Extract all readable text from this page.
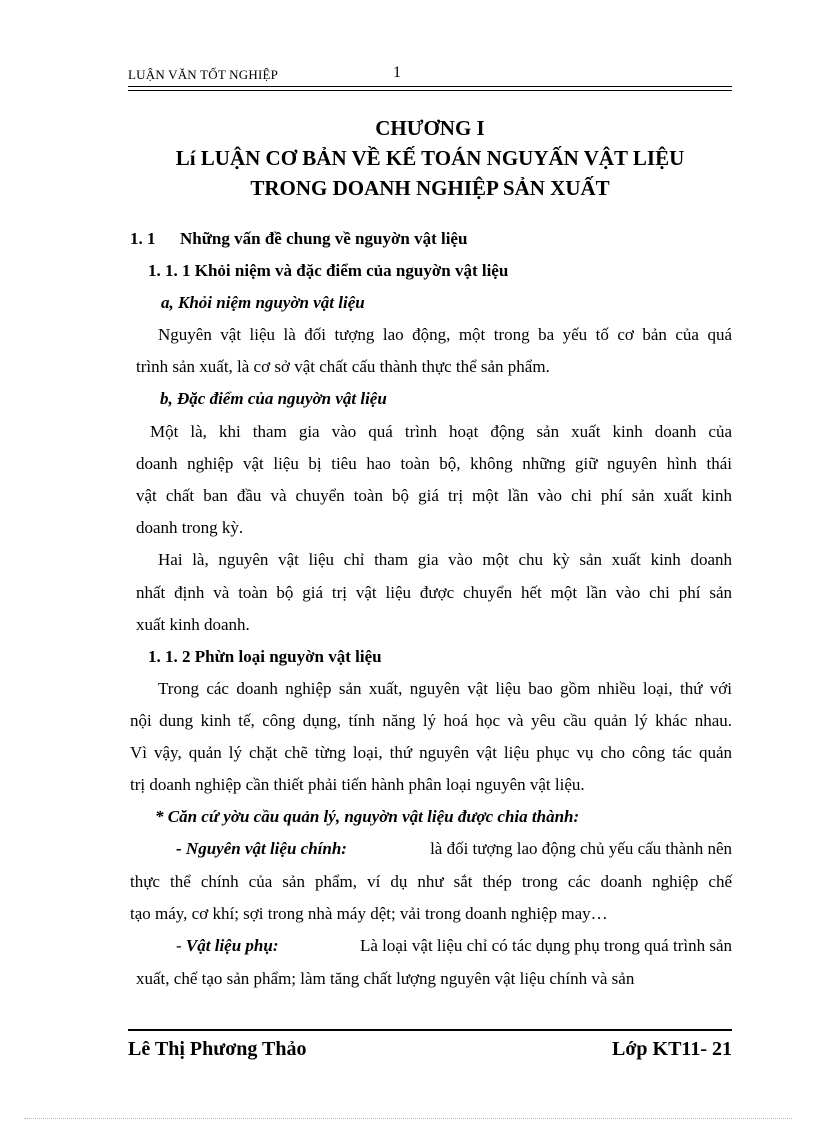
LUẬN VĂN TỐT NGHIỆP	1
CHƯƠNG I
Lí LUẬN CƠ BẢN VỀ KẾ TOÁN NGUYẤN VẬT LIỆU
TRONG DOANH NGHIỆP SẢN XUẤT
1. 1 Những vấn đề chung về nguyờn vật liệu
1. 1. 1 Khỏi niệm và đặc điểm của nguyờn vật liệu
a, Khỏi niệm nguyờn vật liệu
Nguyên vật liệu là đối tượng lao động, một trong ba yếu tố cơ bản của quá
trình sản xuất, là cơ sở vật chất cấu thành thực thể sản phẩm.
b, Đặc điểm của nguyờn vật liệu
Một là, khi tham gia vào quá trình hoạt động sản xuất kinh doanh của
doanh nghiệp vật liệu bị tiêu hao toàn bộ, không những giữ nguyên hình thái
vật chất ban đầu và chuyển toàn bộ giá trị một lần vào chi phí sản xuất kinh
doanh trong kỳ.
Hai là, nguyên vật liệu chỉ tham gia vào một chu kỳ sản xuất kinh doanh
nhất định và toàn bộ giá trị vật liệu được chuyển hết một lần vào chi phí sản
xuất kinh doanh.
1. 1. 2 Phừn loại nguyờn vật liệu
Trong các doanh nghiệp sản xuất, nguyên vật liệu bao gồm nhiều loại, thứ với
nội dung kinh tế, công dụng, tính năng lý hoá học và yêu cầu quản lý khác nhau.
Vì vậy, quản lý chặt chẽ từng loại, thứ nguyên vật liệu phục vụ cho công tác quản
trị doanh nghiệp cần thiết phải tiến hành phân loại nguyên vật liệu.
* Căn cứ yờu cầu quản lý, nguyờn vật liệu được chia thành:
- Nguyên vật liệu chính:	là đối tượng lao động chủ yếu cấu thành nên
thực thể chính của sản phẩm, ví dụ như sắt thép trong các doanh nghiệp chế
tạo máy, cơ khí; sợi trong nhà máy dệt; vải trong doanh nghiệp may…
- Vật liệu phụ:	Là loại vật liệu chỉ có tác dụng phụ trong quá trình sản
xuất, chế tạo sản phẩm; làm tăng chất lượng nguyên vật liệu chính và sản
Lê Thị Phương Thảo	Lớp KT11- 21
